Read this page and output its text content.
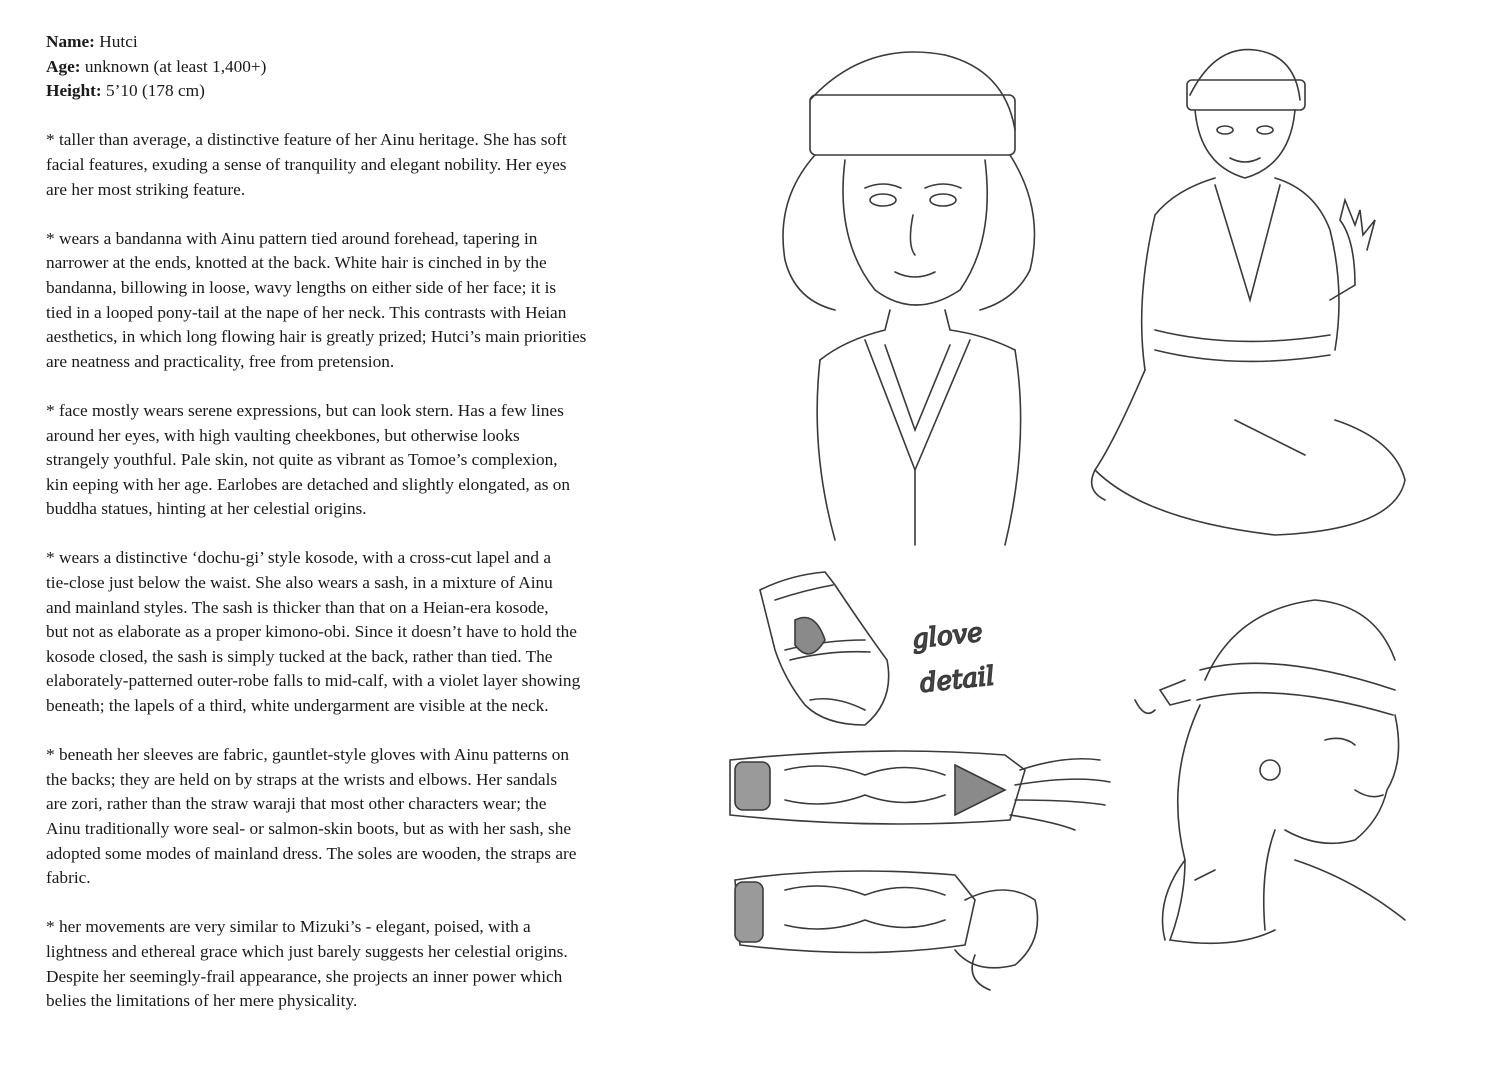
Name: Hutci

Age: unknown (at least 1,400+)

Height: 5’10 (178 cm)

* taller than average, a distinctive feature of her Ainu heritage. She has soft
facial features, exuding a sense of tranquility and elegant nobility. Her eyes
are her most striking feature.

* wears a bandanna with Ainu pattern tied around forehead, tapering in
narrower at the ends, knotted at the back. White hair is cinched in by the
bandanna, billowing in loose, wavy lengths on either side of her face; it is
tied in a looped pony-tail at the nape of her neck. This contrasts with Heian
aesthetics, in which long flowing hair is greatly prized; Hutci’s main priorities
are neatness and practicality, free from pretension.

* face mostly wears serene expressions, but can look stern. Has a few lines
around her eyes, with high vaulting cheekbones, but otherwise looks
strangely youthful. Pale skin, not quite as vibrant as Tomoe’s complexion,
kin eeping with her age. Earlobes are detached and slightly elongated, as on
buddha statues, hinting at her celestial origins.

* wears a distinctive ‘dochu-gi’ style kosode, with a cross-cut lapel and a
tie-close just below the waist. She also wears a sash, in a mixture of Ainu
and mainland styles. The sash is thicker than that on a Heian-era kosode,
but not as elaborate as a proper kimono-obi. Since it doesn’t have to hold the
kosode closed, the sash is simply tucked at the back, rather than tied. The
elaborately-patterned outer-robe falls to mid-calf, with a violet layer showing
beneath; the lapels of a third, white undergarment are visible at the neck.

* beneath her sleeves are fabric, gauntlet-style gloves with Ainu patterns on
the backs; they are held on by straps at the wrists and elbows. Her sandals
are zori, rather than the straw waraji that most other characters wear; the
Ainu traditionally wore seal- or salmon-skin boots, but as with her sash, she
adopted some modes of mainland dress. The soles are wooden, the straps are
fabric.

* her movements are very similar to Mizuki’s - elegant, poised, with a
lightness and ethereal grace which just barely suggests her celestial origins.
Despite her seemingly-frail appearance, she projects an inner power which
belies the limitations of her mere physicality.

glove
detail
